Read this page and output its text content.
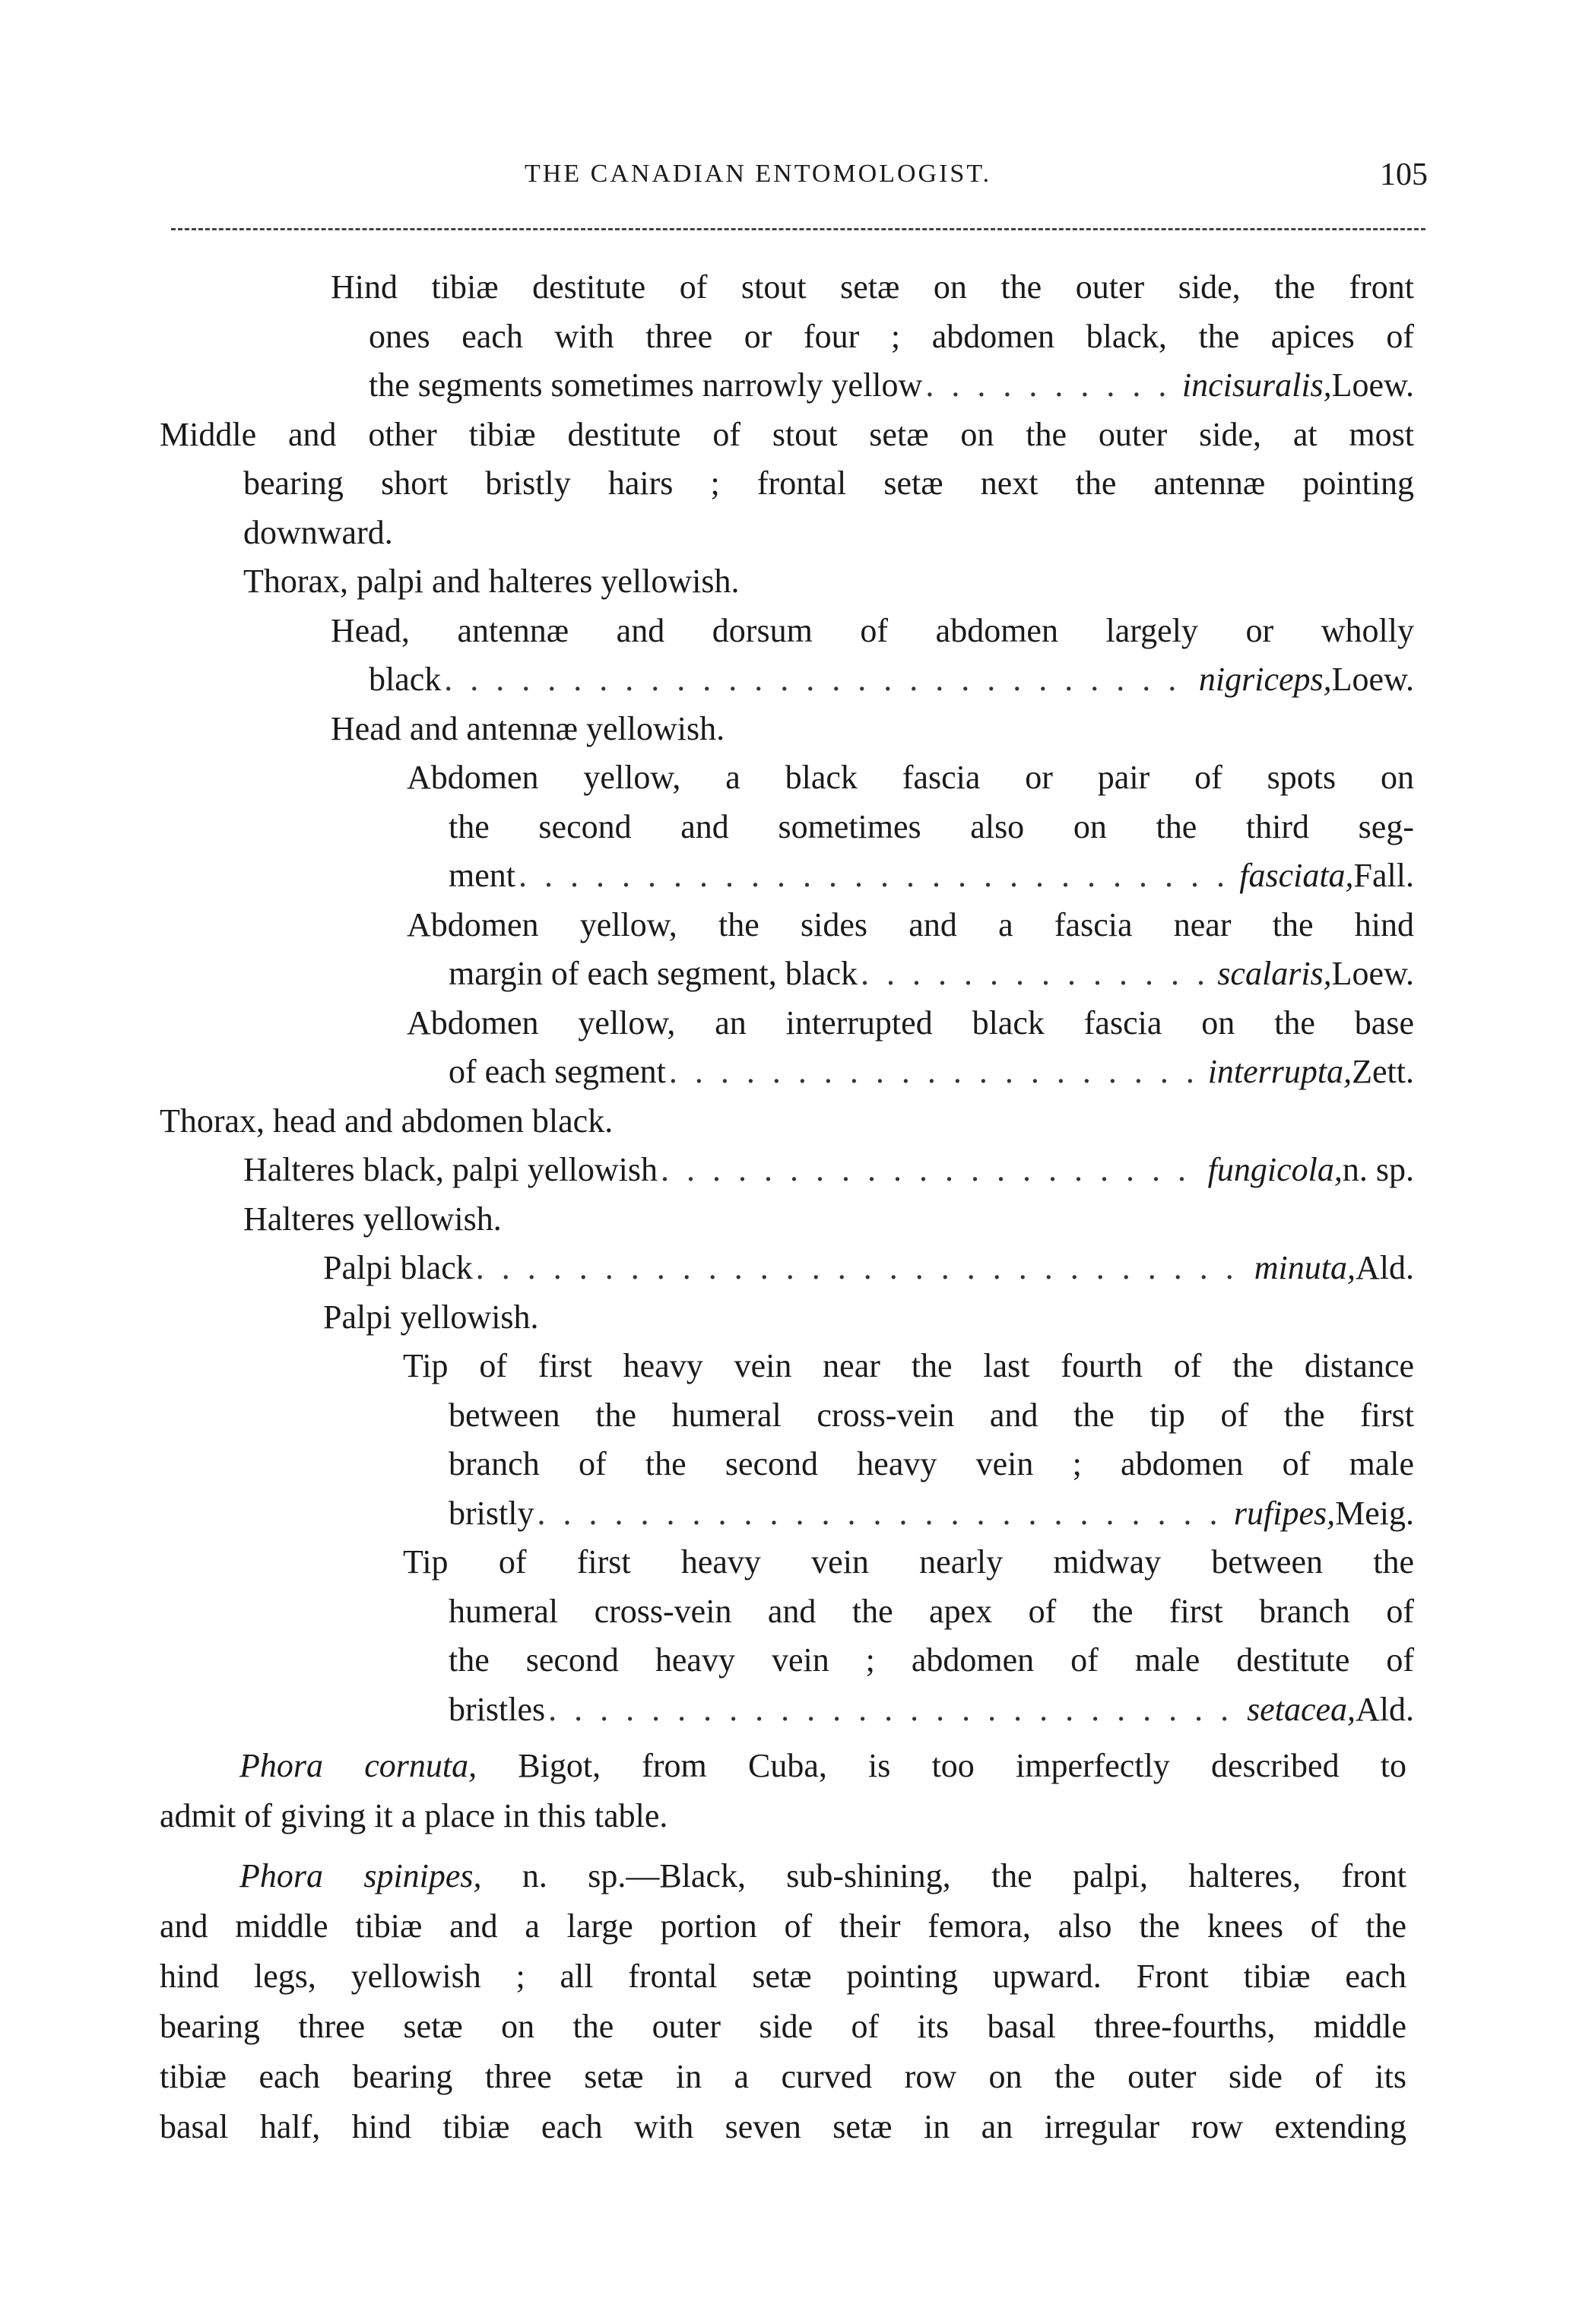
THE CANADIAN ENTOMOLOGIST.	105
Hind tibiæ destitute of stout setæ on the outer side, the front
ones each with three or four ; abdomen black, the apices of
the segments sometimes narrowly yellow . . .	incisuralis, Loew.
Middle and other tibiæ destitute of stout setæ on the outer side, at most
bearing short bristly hairs ; frontal setæ next the antennæ pointing
downward.
Thorax, palpi and halteres yellowish.
Head, antennæ and dorsum of abdomen largely or wholly
black . . .	nigriceps, Loew.
Head and antennæ yellowish.
Abdomen yellow, a black fascia or pair of spots on
the second and sometimes also on the third seg-
ment . . .	fasciata, Fall.
Abdomen yellow, the sides and a fascia near the hind
margin of each segment, black . . .	scalaris, Loew.
Abdomen yellow, an interrupted black fascia on the base
of each segment . . .	interrupta, Zett.
Thorax, head and abdomen black.
Halteres black, palpi yellowish . . .	fungicola, n. sp.
Halteres yellowish.
Palpi black . . .	minuta, Ald.
Palpi yellowish.
Tip of first heavy vein near the last fourth of the distance
between the humeral cross-vein and the tip of the first
branch of the second heavy vein ; abdomen of male
bristly . . .	rufipes, Meig.
Tip of first heavy vein nearly midway between the
humeral cross-vein and the apex of the first branch of
the second heavy vein ; abdomen of male destitute of
bristles . . .	setacea, Ald.
Phora cornuta, Bigot, from Cuba, is too imperfectly described to
admit of giving it a place in this table.
Phora spinipes, n. sp.—Black, sub-shining, the palpi, halteres, front
and middle tibiæ and a large portion of their femora, also the knees of the
hind legs, yellowish ; all frontal setæ pointing upward. Front tibiæ each
bearing three setæ on the outer side of its basal three-fourths, middle
tibiæ each bearing three setæ in a curved row on the outer side of its
basal half, hind tibiæ each with seven setæ in an irregular row extending
